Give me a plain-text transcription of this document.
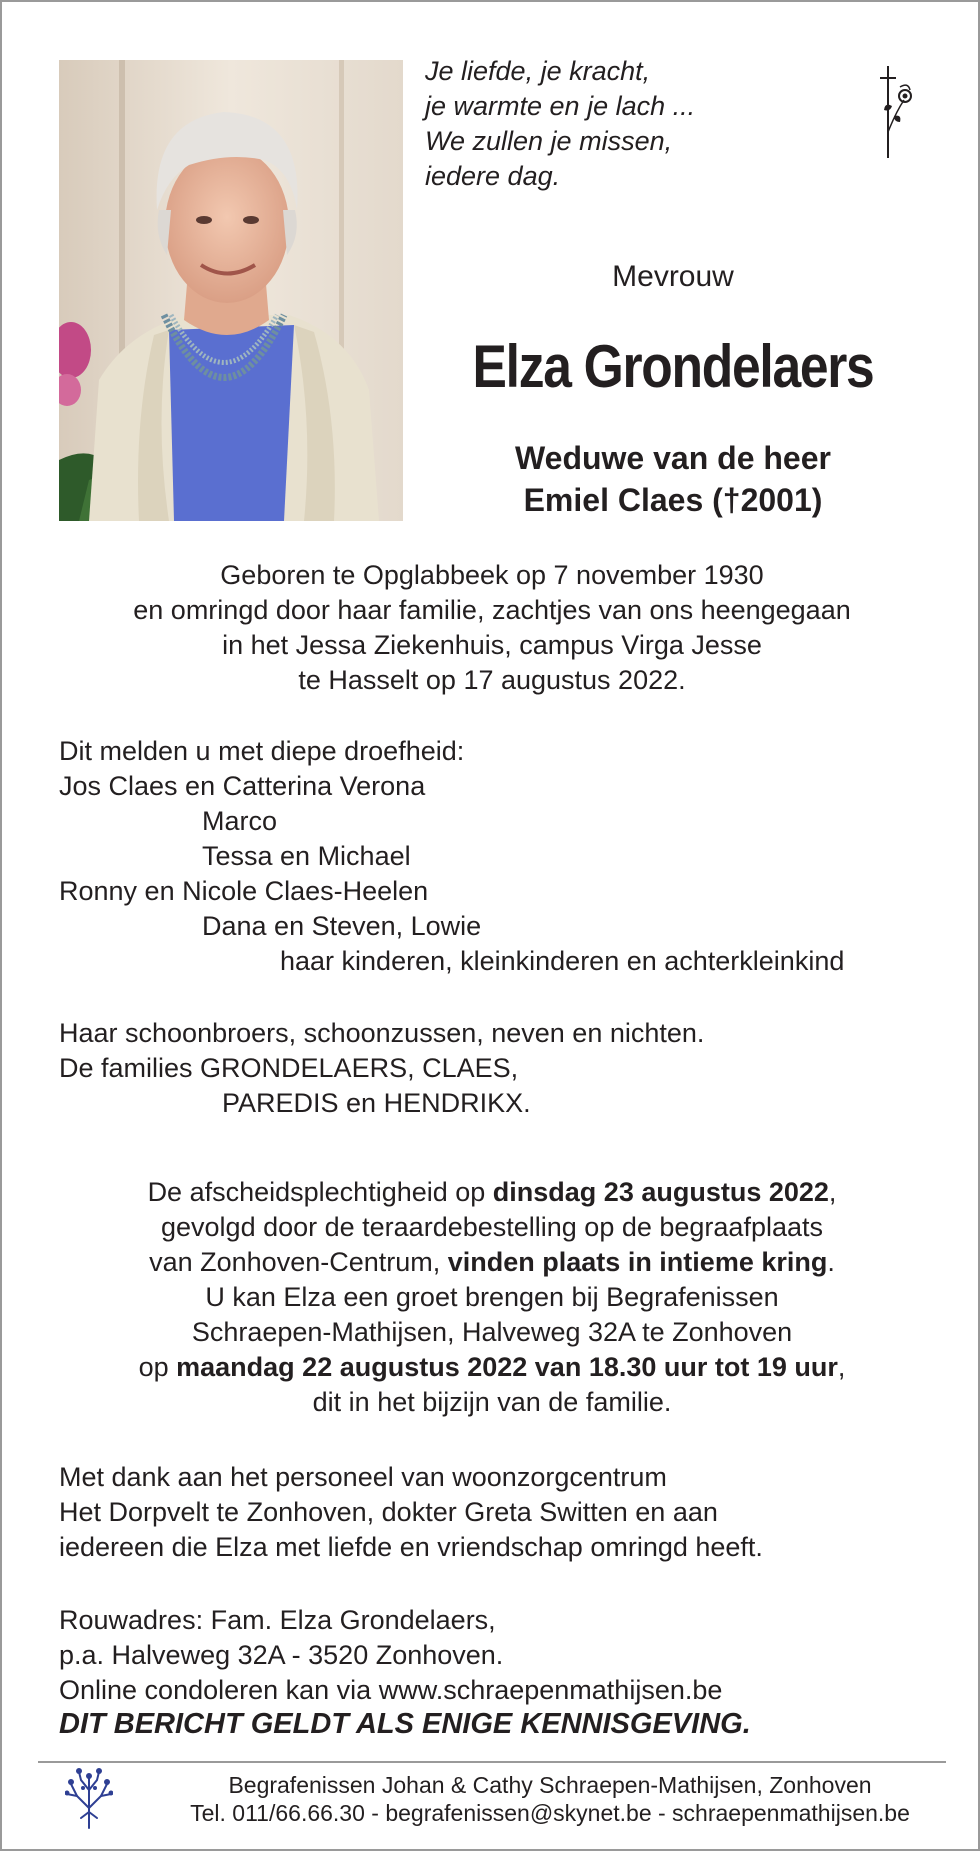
Je liefde, je kracht,
je warmte en je lach ...
We zullen je missen,
iedere dag.
Mevrouw
Elza Grondelaers
Weduwe van de heer
Emiel Claes (†2001)
Geboren te Opglabbeek op 7 november 1930
en omringd door haar familie, zachtjes van ons heengegaan
in het Jessa Ziekenhuis, campus Virga Jesse
te Hasselt op 17 augustus 2022.
Dit melden u met diepe droefheid:
Jos Claes en Catterina Verona
Marco
Tessa en Michael
Ronny en Nicole Claes-Heelen
Dana en Steven, Lowie
haar kinderen, kleinkinderen en achterkleinkind
Haar schoonbroers, schoonzussen, neven en nichten.
De families GRONDELAERS, CLAES,
PAREDIS en HENDRIKX.
De afscheidsplechtigheid op dinsdag 23 augustus 2022,
gevolgd door de teraardebestelling op de begraafplaats
van Zonhoven-Centrum, vinden plaats in intieme kring.
U kan Elza een groet brengen bij Begrafenissen
Schraepen-Mathijsen, Halveweg 32A te Zonhoven
op maandag 22 augustus 2022 van 18.30 uur tot 19 uur,
dit in het bijzijn van de familie.
Met dank aan het personeel van woonzorgcentrum
Het Dorpvelt te Zonhoven, dokter Greta Switten en aan
iedereen die Elza met liefde en vriendschap omringd heeft.
Rouwadres: Fam. Elza Grondelaers,
p.a. Halveweg 32A - 3520 Zonhoven.
Online condoleren kan via www.schraepenmathijsen.be
DIT BERICHT GELDT ALS ENIGE KENNISGEVING.
Begrafenissen Johan & Cathy Schraepen-Mathijsen, Zonhoven
Tel. 011/66.66.30 - begrafenissen@skynet.be - schraepenmathijsen.be
